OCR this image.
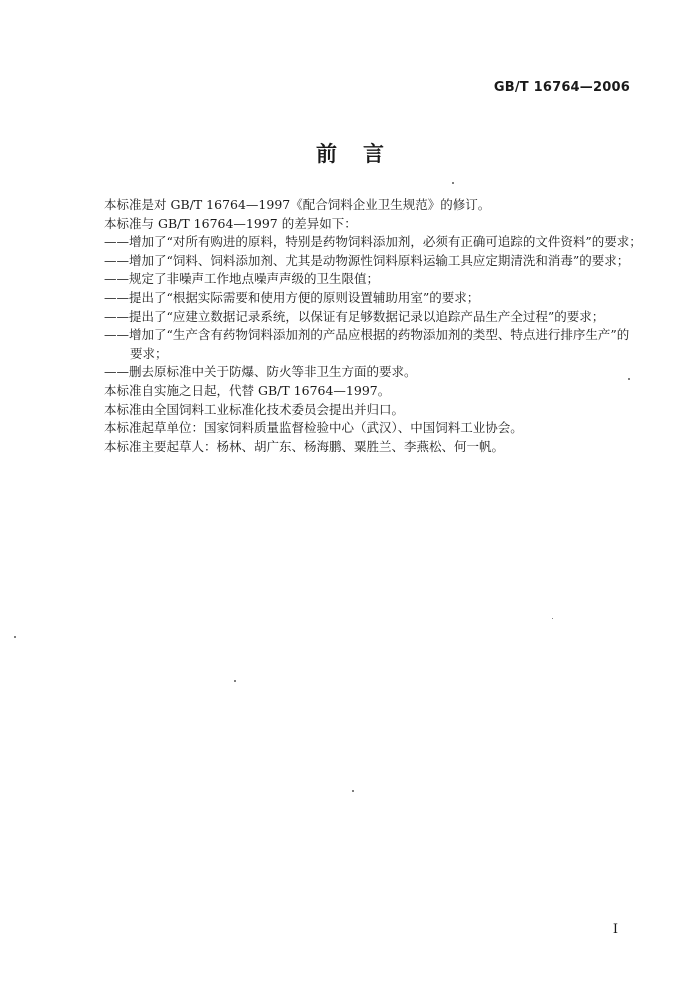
GB/T 16764—2006
前言
本标准是对 GB/T 16764—1997《配合饲料企业卫生规范》的修订。
本标准与 GB/T 16764—1997 的差异如下：
——增加了“对所有购进的原料，特别是药物饲料添加剂，必须有正确可追踪的文件资料”的要求；
——增加了“饲料、饲料添加剂、尤其是动物源性饲料原料运输工具应定期清洗和消毒”的要求；
——规定了非噪声工作地点噪声声级的卫生限值；
——提出了“根据实际需要和使用方便的原则设置辅助用室”的要求；
——提出了“应建立数据记录系统，以保证有足够数据记录以追踪产品生产全过程”的要求；
——增加了“生产含有药物饲料添加剂的产品应根据的药物添加剂的类型、特点进行排序生产”的
要求；
——删去原标准中关于防爆、防火等非卫生方面的要求。
本标准自实施之日起，代替 GB/T 16764—1997。
本标准由全国饲料工业标准化技术委员会提出并归口。
本标准起草单位：国家饲料质量监督检验中心（武汉）、中国饲料工业协会。
本标准主要起草人：杨林、胡广东、杨海鹏、粟胜兰、李燕松、何一帆。
I
